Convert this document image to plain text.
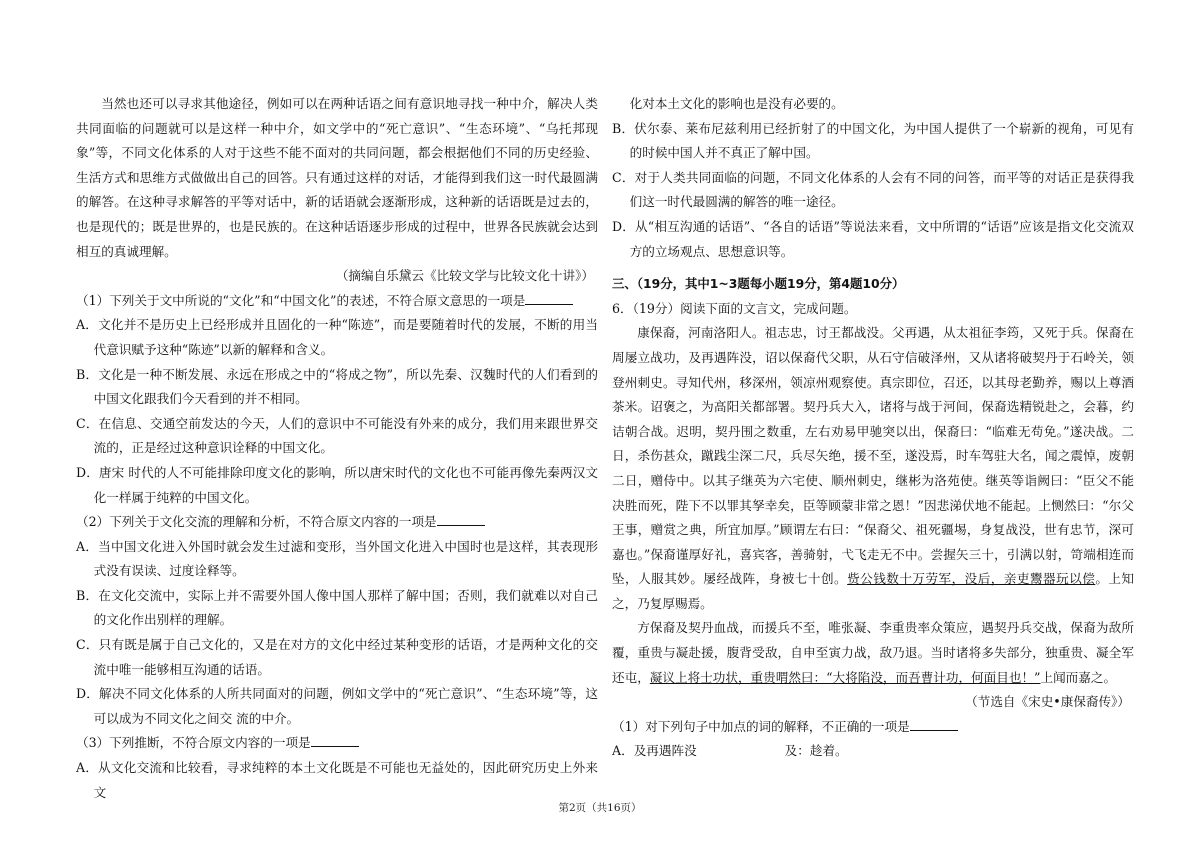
当然也还可以寻求其他途径，例如可以在两种话语之间有意识地寻找一种中介，解决人类共同面临的问题就可以是这样一种中介，如文学中的“死亡意识”、“生态环境”、“乌托邦现象”等，不同文化体系的人对于这些不能不面对的共同问题，都会根据他们不同的历史经验、生活方式和思维方式做做出自己的回答。只有通过这样的对话，才能得到我们这一时代最圆满的解答。在这种寻求解答的平等对话中，新的话语就会逐渐形成，这种新的话语既是过去的，也是现代的；既是世界的，也是民族的。在这种话语逐步形成的过程中，世界各民族就会达到相互的真诚理解。

（摘编自乐黛云《比较文学与比较文化十讲》）

（1）下列关于文中所说的“文化”和“中国文化”的表述，不符合原文意思的一项是

A．文化并不是历史上已经形成并且固化的一种“陈迹”，而是要随着时代的发展，不断的用当代意识赋予这种“陈迹”以新的解释和含义。

B．文化是一种不断发展、永远在形成之中的“将成之物”，所以先秦、汉魏时代的人们看到的中国文化跟我们今天看到的并不相同。

C．在信息、交通空前发达的今天，人们的意识中不可能没有外来的成分，我们用来跟世界交流的，正是经过这种意识诠释的中国文化。

D．唐宋 时代的人不可能排除印度文化的影响，所以唐宋时代的文化也不可能再像先秦两汉文化一样属于纯粹的中国文化。

（2）下列关于文化交流的理解和分析，不符合原文内容的一项是

A．当中国文化进入外国时就会发生过滤和变形，当外国文化进入中国时也是这样，其表现形式没有误读、过度诠释等。

B．在文化交流中，实际上并不需要外国人像中国人那样了解中国；否则，我们就难以对自己的文化作出别样的理解。

C．只有既是属于自己文化的，又是在对方的文化中经过某种变形的话语，才是两种文化的交流中唯一能够相互沟通的话语。

D．解决不同文化体系的人所共同面对的问题，例如文学中的“死亡意识”、“生态环境”等，这可以成为不同文化之间交 流的中介。

（3）下列推断，不符合原文内容的一项是

A．从文化交流和比较看，寻求纯粹的本土文化既是不可能也无益处的，因此研究历史上外来文

化对本土文化的影响也是没有必要的。

B．伏尔泰、莱布尼兹利用已经折射了的中国文化，为中国人提供了一个崭新的视角，可见有的时候中国人并不真正了解中国。

C．对于人类共同面临的问题，不同文化体系的人会有不同的问答，而平等的对话正是获得我们这一时代最圆满的解答的唯一途径。

D．从“相互沟通的话语”、“各自的话语”等说法来看，文中所谓的“话语”应该是指文化交流双方的立场观点、思想意识等。

三、（19分，其中1~3题每小题19分，第4题10分）

6．（19分）阅读下面的文言文，完成问题。

康保裔，河南洛阳人。祖志忠，讨王都战没。父再遇，从太祖征李筠，又死于兵。保裔在周屡立战功，及再遇阵没，诏以保裔代父职，从石守信破泽州，又从诸将破契丹于石岭关，领登州刺史。寻知代州，移深州，领凉州观察使。真宗即位，召还，以其母老勤养，赐以上尊酒茶米。诏褒之，为高阳关都部署。契丹兵大入，诸将与战于河间，保裔选精锐赴之，会暮，约诘朝合战。迟明，契丹围之数重，左右劝易甲驰突以出，保裔曰：“临难无苟免。”遂决战。二日，杀伤甚众，蹴践尘深二尺，兵尽矢绝，援不至，遂没焉，时车驾驻大名，闻之震悼，废朝二日，赠侍中。以其子继英为六宅使、顺州刺史，继彬为洛苑使。继英等诣阙曰：“臣父不能决胜而死，陛下不以罪其孥幸矣，臣等顾蒙非常之恩！”因悲涕伏地不能起。上恻然曰：“尔父王事，赠赏之典，所宜加厚。”顾谓左右曰：“保裔父、祖死疆埸，身复战没，世有忠节，深可嘉也。”保裔谨厚好礼，喜宾客，善骑射，弋飞走无不中。尝握矢三十，引满以射，笴端相连而坠，人服其妙。屡经战阵，身被七十创。赀公钱数十万劳军，没后，亲吏鬻器玩以偿。上知之，乃复厚赐焉。

方保裔及契丹血战，而援兵不至，唯张凝、李重贵率众策应，遇契丹兵交战，保裔为敌所覆，重贵与凝赴援，腹背受敌，自申至寅力战，敌乃退。当时诸将多失部分，独重贵、凝全军还屯，凝议上将士功状，重贵喟然曰：“大将陷没，而吾曹计功，何面目也！”上闻而嘉之。

（节选自《宋史•康保裔传》）

（1）对下列句子中加点的词的解释，不正确的一项是

A．及再遇阵没	及：趁着。

第2页（共16页）
